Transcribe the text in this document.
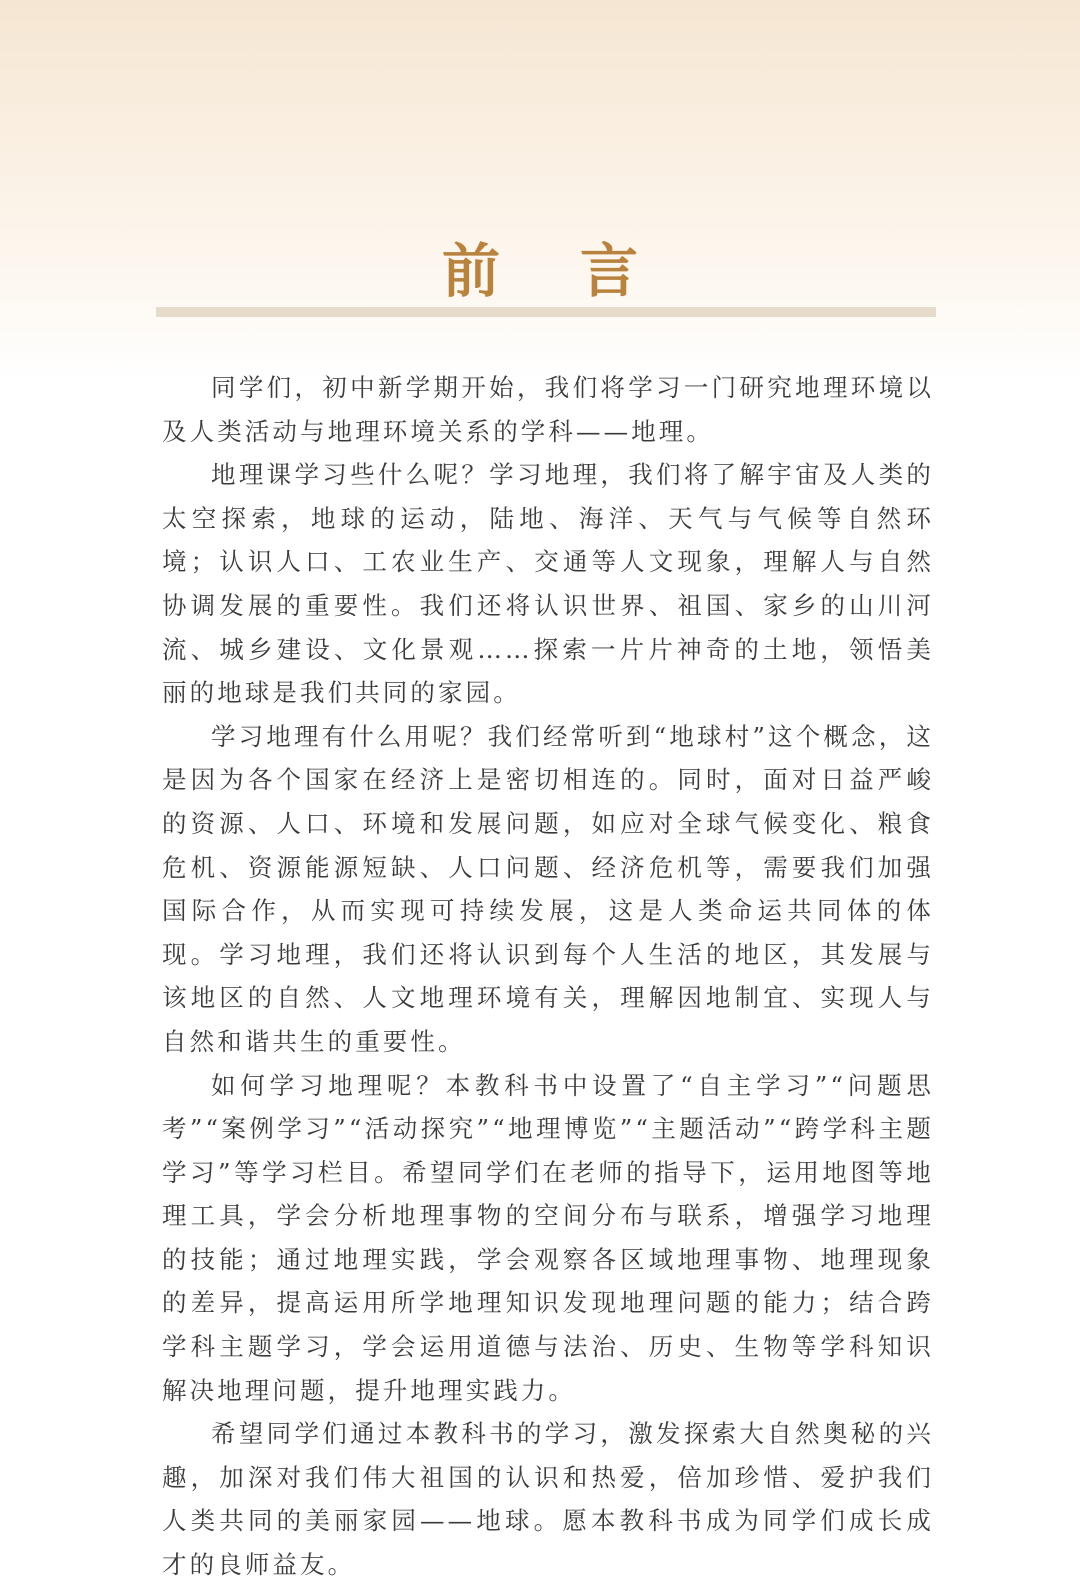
前 言

同学们，初中新学期开始，我们将学习一门研究地理环境以及人类活动与地理环境关系的学科——地理。

地理课学习些什么呢？学习地理，我们将了解宇宙及人类的太空探索，地球的运动，陆地、海洋、天气与气候等自然环境；认识人口、工农业生产、交通等人文现象，理解人与自然协调发展的重要性。我们还将认识世界、祖国、家乡的山川河流、城乡建设、文化景观……探索一片片神奇的土地，领悟美丽的地球是我们共同的家园。

学习地理有什么用呢？我们经常听到“地球村”这个概念，这是因为各个国家在经济上是密切相连的。同时，面对日益严峻的资源、人口、环境和发展问题，如应对全球气候变化、粮食危机、资源能源短缺、人口问题、经济危机等，需要我们加强国际合作，从而实现可持续发展，这是人类命运共同体的体现。学习地理，我们还将认识到每个人生活的地区，其发展与该地区的自然、人文地理环境有关，理解因地制宜、实现人与自然和谐共生的重要性。

如何学习地理呢？本教科书中设置了“自主学习”“问题思考”“案例学习”“活动探究”“地理博览”“主题活动”“跨学科主题学习”等学习栏目。希望同学们在老师的指导下，运用地图等地理工具，学会分析地理事物的空间分布与联系，增强学习地理的技能；通过地理实践，学会观察各区域地理事物、地理现象的差异，提高运用所学地理知识发现地理问题的能力；结合跨学科主题学习，学会运用道德与法治、历史、生物等学科知识解决地理问题，提升地理实践力。

希望同学们通过本教科书的学习，激发探索大自然奥秘的兴趣，加深对我们伟大祖国的认识和热爱，倍加珍惜、爱护我们人类共同的美丽家园——地球。愿本教科书成为同学们成长成才的良师益友。
